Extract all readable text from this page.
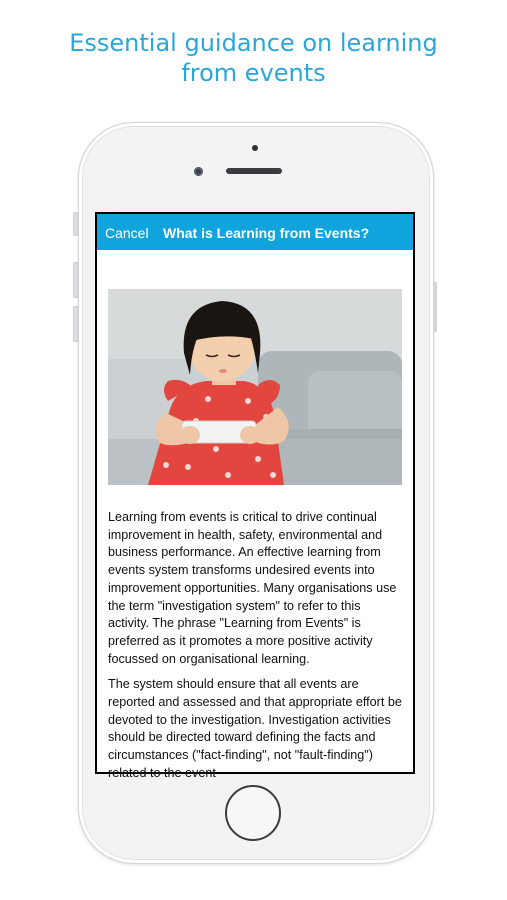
Essential guidance on learning
from events
Cancel What is Learning from Events?

Learning from events is critical to drive continual improvement in health, safety, environmental and business performance. An effective learning from events system transforms undesired events into improvement opportunities. Many organisations use the term "investigation system" to refer to this activity. The phrase "Learning from Events" is preferred as it promotes a more positive activity focussed on organisational learning.

The system should ensure that all events are reported and assessed and that appropriate effort be devoted to the investigation. Investigation activities should be directed toward defining the facts and circumstances ("fact-finding", not "fault-finding") related to the event
